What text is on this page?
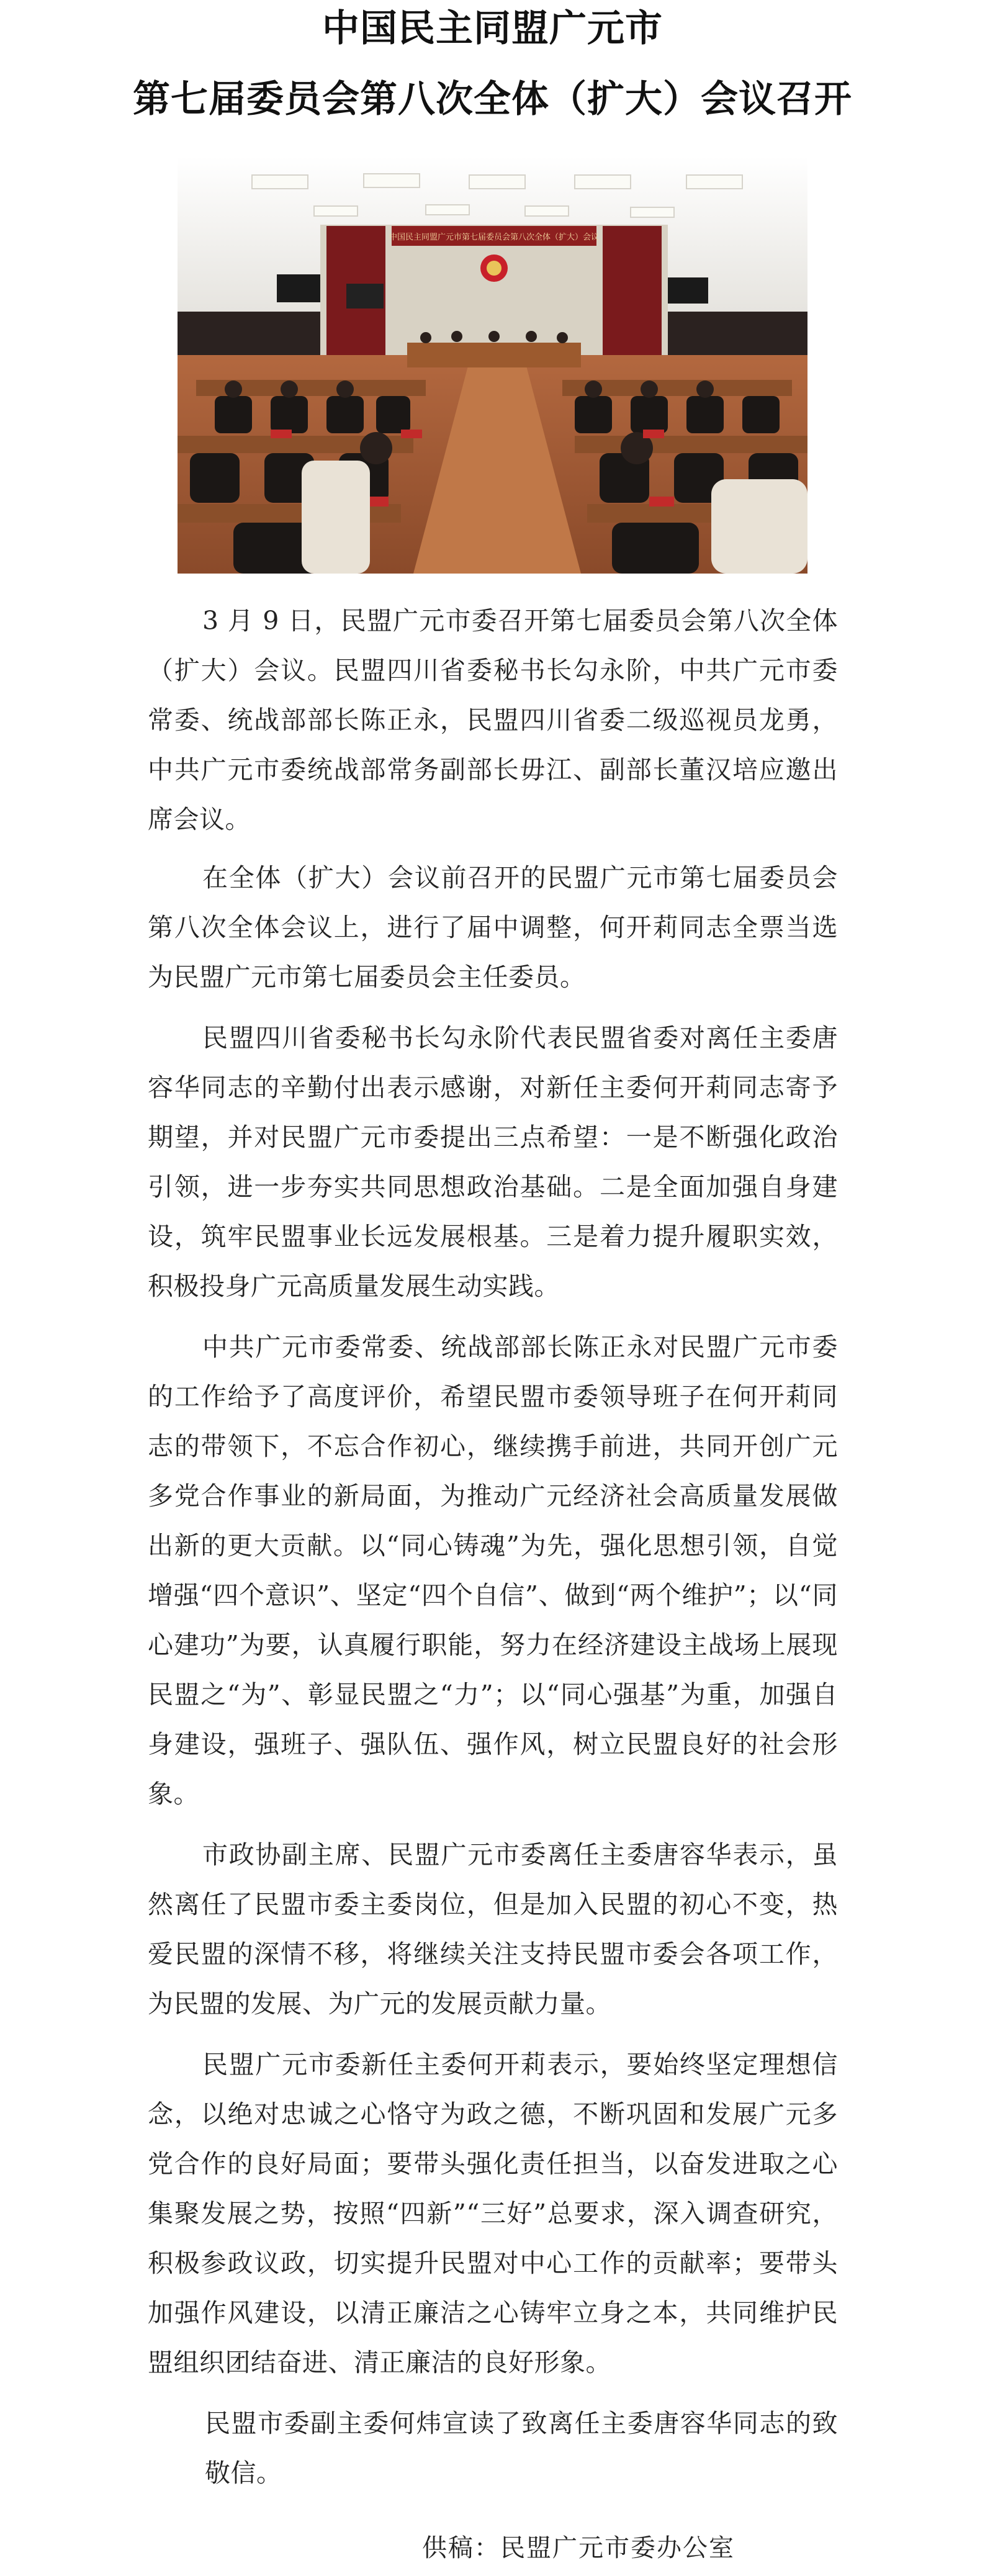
中国民主同盟广元市
第七届委员会第八次全体（扩大）会议召开
中国民主同盟广元市第七届委员会第八次全体（扩大）会议

3 月 9 日，民盟广元市委召开第七届委员会第八次全体（扩大）会议。民盟四川省委秘书长勾永阶，中共广元市委常委、统战部部长陈正永，民盟四川省委二级巡视员龙勇，中共广元市委统战部常务副部长毋江、副部长董汉培应邀出席会议。

在全体（扩大）会议前召开的民盟广元市第七届委员会第八次全体会议上，进行了届中调整，何开莉同志全票当选为民盟广元市第七届委员会主任委员。

民盟四川省委秘书长勾永阶代表民盟省委对离任主委唐容华同志的辛勤付出表示感谢，对新任主委何开莉同志寄予期望，并对民盟广元市委提出三点希望：一是不断强化政治引领，进一步夯实共同思想政治基础。二是全面加强自身建设，筑牢民盟事业长远发展根基。三是着力提升履职实效，积极投身广元高质量发展生动实践。

中共广元市委常委、统战部部长陈正永对民盟广元市委的工作给予了高度评价，希望民盟市委领导班子在何开莉同志的带领下，不忘合作初心，继续携手前进，共同开创广元多党合作事业的新局面，为推动广元经济社会高质量发展做出新的更大贡献。以“同心铸魂”为先，强化思想引领，自觉增强“四个意识”、坚定“四个自信”、做到“两个维护”；以“同心建功”为要，认真履行职能，努力在经济建设主战场上展现民盟之“为”、彰显民盟之“力”；以“同心强基”为重，加强自身建设，强班子、强队伍、强作风，树立民盟良好的社会形象。

市政协副主席、民盟广元市委离任主委唐容华表示，虽然离任了民盟市委主委岗位，但是加入民盟的初心不变，热爱民盟的深情不移，将继续关注支持民盟市委会各项工作，为民盟的发展、为广元的发展贡献力量。

民盟广元市委新任主委何开莉表示，要始终坚定理想信念，以绝对忠诚之心恪守为政之德，不断巩固和发展广元多党合作的良好局面；要带头强化责任担当，以奋发进取之心集聚发展之势，按照“四新”“三好”总要求，深入调查研究，积极参政议政，切实提升民盟对中心工作的贡献率；要带头加强作风建设，以清正廉洁之心铸牢立身之本，共同维护民盟组织团结奋进、清正廉洁的良好形象。

民盟市委副主委何炜宣读了致离任主委唐容华同志的致敬信。

供稿：民盟广元市委办公室
